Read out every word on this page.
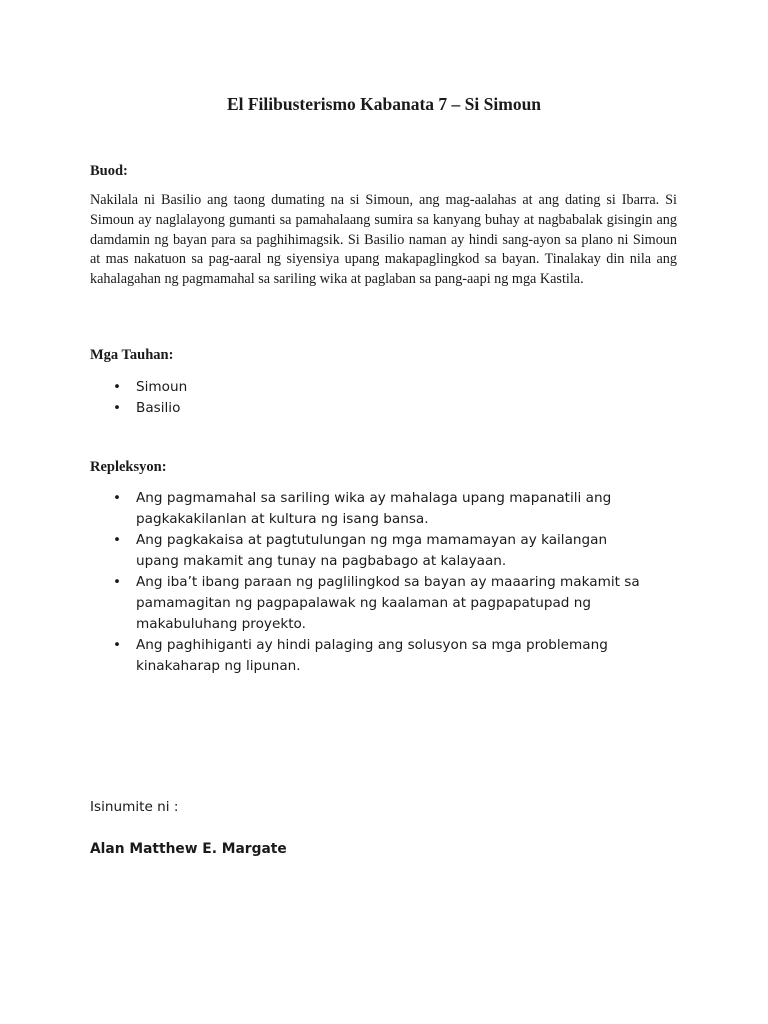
El Filibusterismo Kabanata 7 – Si Simoun
Buod:

Nakilala ni Basilio ang taong dumating na si Simoun, ang mag-aalahas at ang dating si Ibarra. Si Simoun ay naglalayong gumanti sa pamahalaang sumira sa kanyang buhay at nagbabalak gisingin ang damdamin ng bayan para sa paghihimagsik. Si Basilio naman ay hindi sang-ayon sa plano ni Simoun at mas nakatuon sa pag-aaral ng siyensiya upang makapaglingkod sa bayan. Tinalakay din nila ang kahalagahan ng pagmamahal sa sariling wika at paglaban sa pang-aapi ng mga Kastila.

Mga Tauhan:
• Simoun
• Basilio
Repleksyon:
• Ang pagmamahal sa sariling wika ay mahalaga upang mapanatili ang pagkakakilanlan at kultura ng isang bansa.
• Ang pagkakaisa at pagtutulungan ng mga mamamayan ay kailangan upang makamit ang tunay na pagbabago at kalayaan.
• Ang iba’t ibang paraan ng paglilingkod sa bayan ay maaaring makamit sa pamamagitan ng pagpapalawak ng kaalaman at pagpapatupad ng makabuluhang proyekto.
• Ang paghihiganti ay hindi palaging ang solusyon sa mga problemang kinakaharap ng lipunan.

Isinumite ni :

Alan Matthew E. Margate
